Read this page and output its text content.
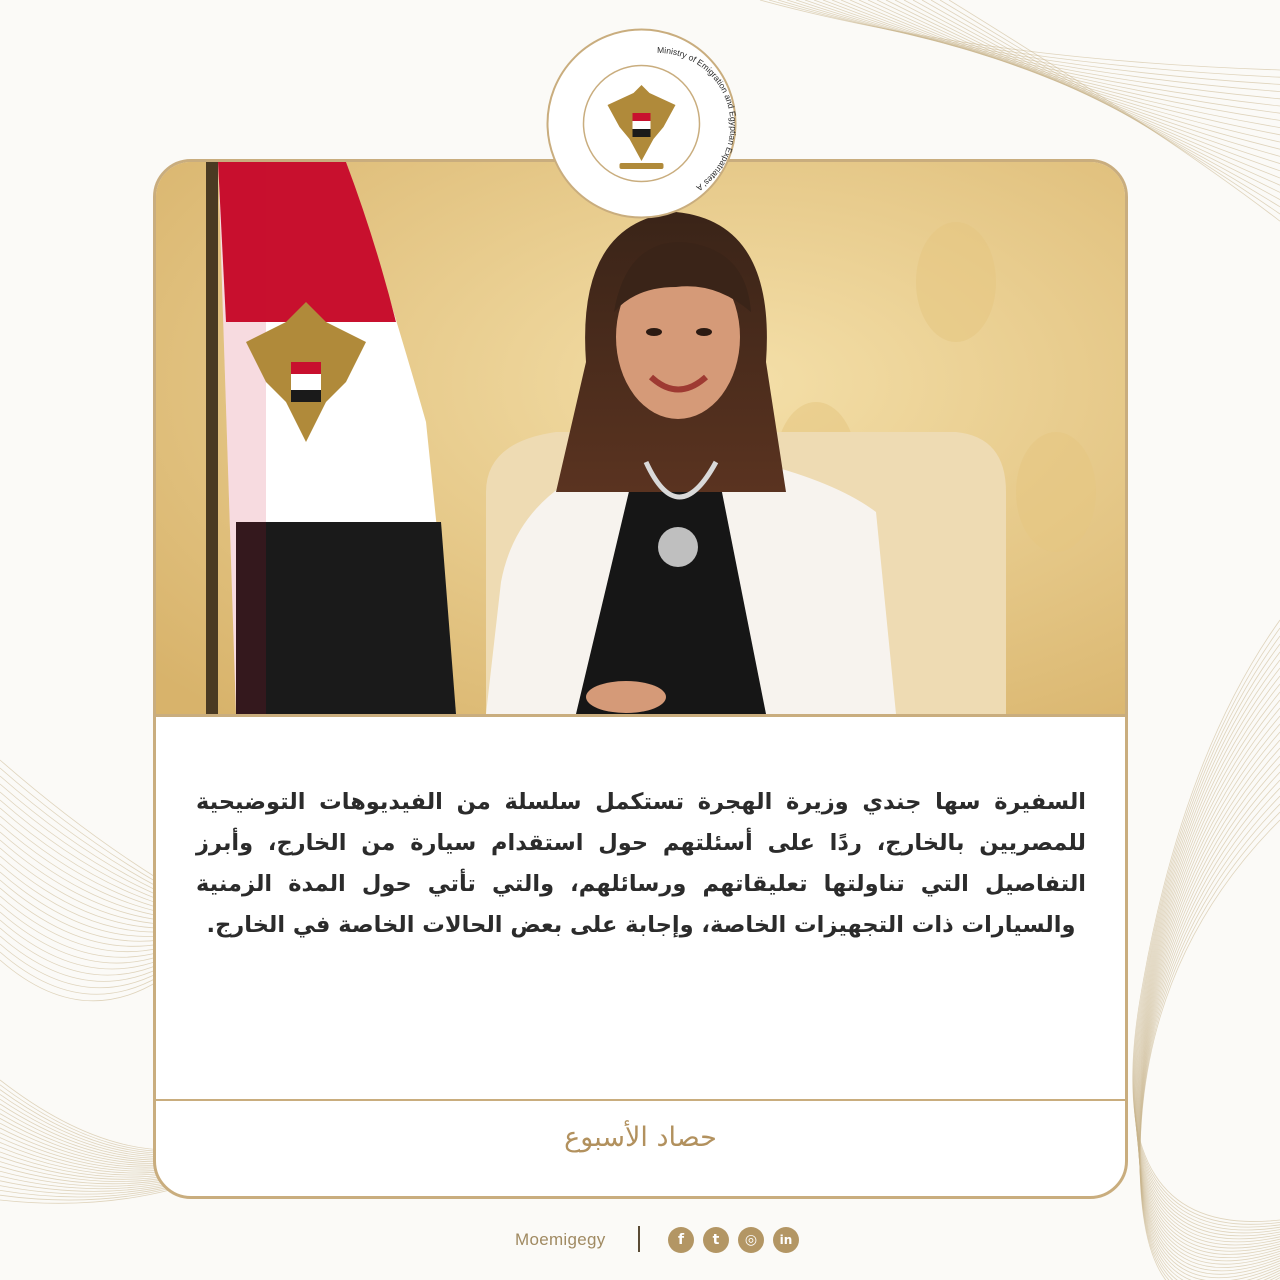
السفيرة سها جندي وزيرة الهجرة تستكمل سلسلة من الفيديوهات التوضيحية للمصريين بالخارج، ردًا على أسئلتهم حول استقدام سيارة من الخارج، وأبرز التفاصيل التي تناولتها تعليقاتهم ورسائلهم، والتي تأتي حول المدة الزمنية والسيارات ذات التجهيزات الخاصة، وإجابة على بعض الحالات الخاصة في الخارج.
حصاد الأسبوع
Ministry of Emigration and Egyptian Expatriates' A
Moemigegy	f	t	◎	in
